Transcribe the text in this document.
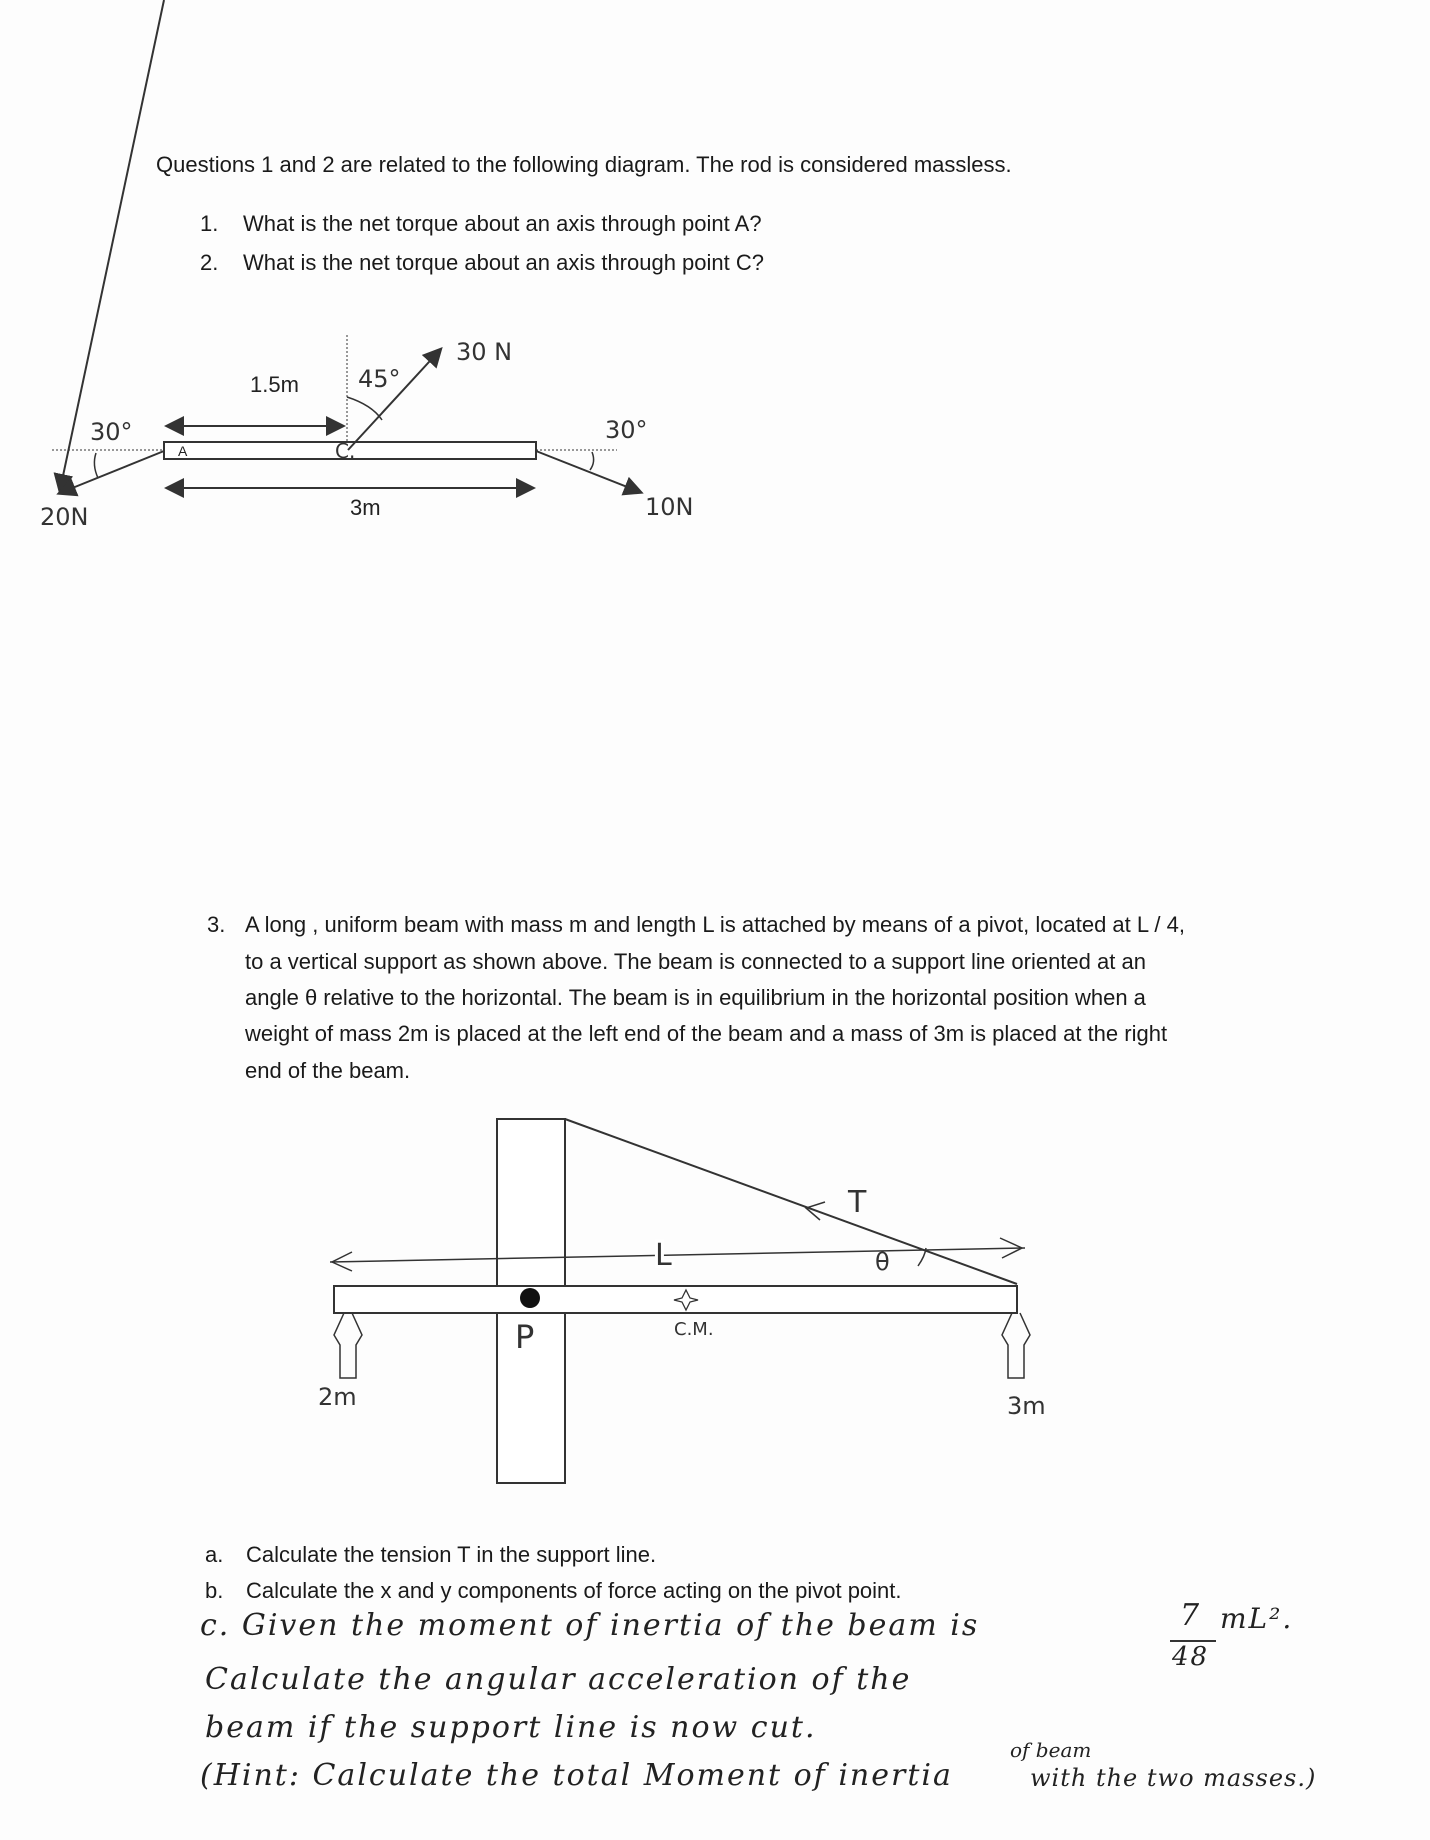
Questions 1 and 2 are related to the following diagram. The rod is considered massless.
1. What is the net torque about an axis through point A?
2. What is the net torque about an axis through point C?
1.5m
3m
A	C.
45°
30 N
30°
20N
30°
10N
L
T
θ
P	C.M.
2m	3m
3. A long , uniform beam with mass m and length L is attached by means of a pivot, located at L / 4,
to a vertical support as shown above. The beam is connected to a support line oriented at an
angle θ relative to the horizontal. The beam is in equilibrium in the horizontal position when a
weight of mass 2m is placed at the left end of the beam and a mass of 3m is placed at the right
end of the beam.
a. Calculate the tension T in the support line.
b. Calculate the x and y components of force acting on the pivot point.
c. Given the moment of inertia of the beam is	7 mL².
48
Calculate the angular acceleration of the
beam if the support line is now cut.
(Hint: Calculate the total Moment of inertia
of beam
with the two masses.)
